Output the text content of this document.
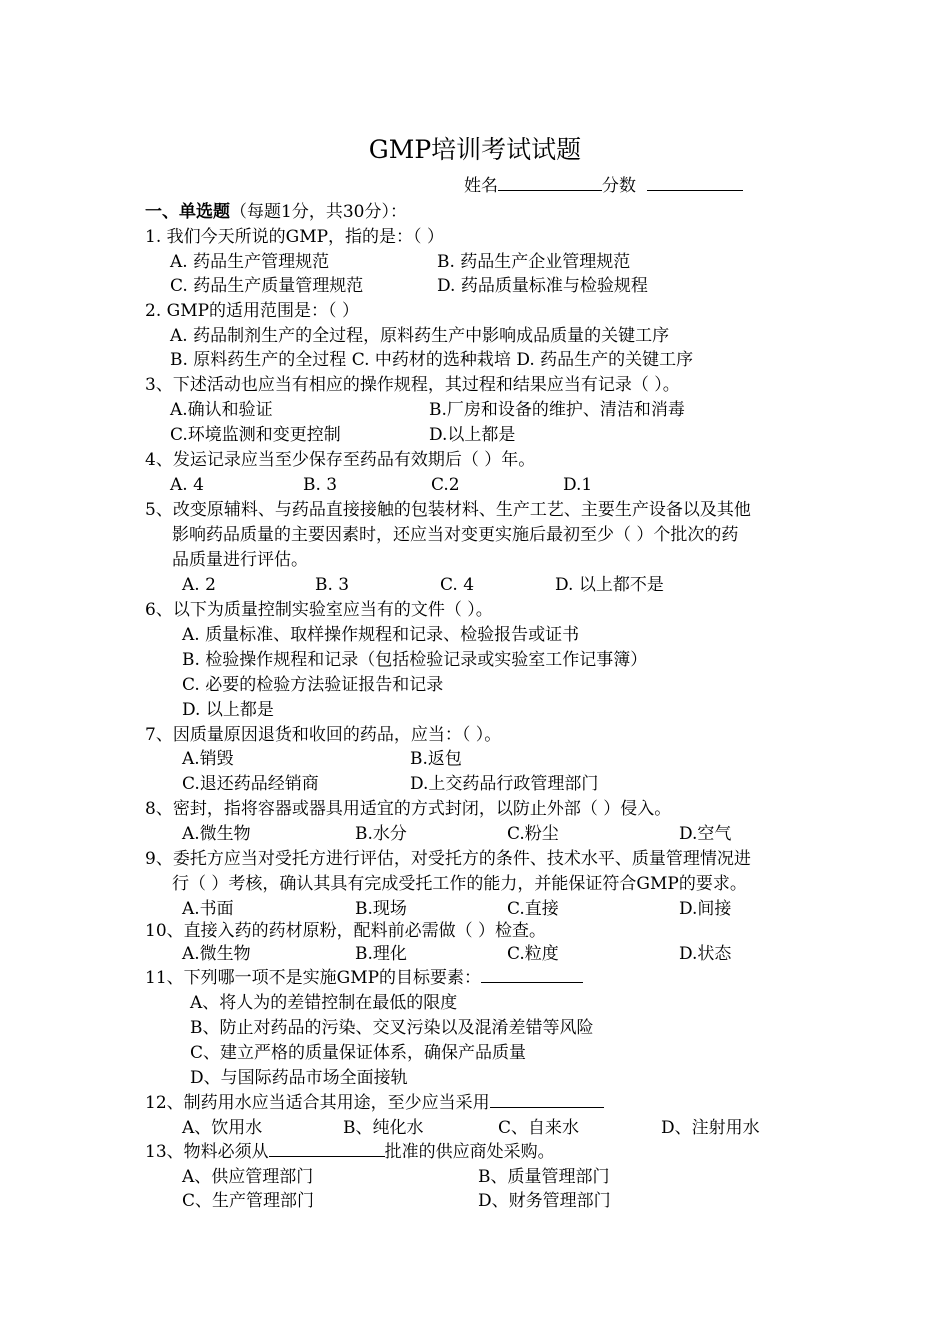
GMP培训考试试题
姓名	分数
一、单选题（每题1分，共30分）：
1. 我们今天所说的GMP，指的是：（ ）
A. 药品生产管理规范	B. 药品生产企业管理规范
C. 药品生产质量管理规范	D. 药品质量标准与检验规程
2. GMP的适用范围是：（ ）
A. 药品制剂生产的全过程，原料药生产中影响成品质量的关键工序
B. 原料药生产的全过程 C. 中药材的选种栽培 D. 药品生产的关键工序
3、下述活动也应当有相应的操作规程，其过程和结果应当有记录（ ）。
A.确认和验证	B.厂房和设备的维护、清洁和消毒
C.环境监测和变更控制	D.以上都是
4、发运记录应当至少保存至药品有效期后（ ）年。
A. 4	B. 3	C.2	D.1
5、改变原辅料、与药品直接接触的包装材料、生产工艺、主要生产设备以及其他
影响药品质量的主要因素时，还应当对变更实施后最初至少（ ）个批次的药
品质量进行评估。
A. 2	B. 3	C. 4	D. 以上都不是
6、以下为质量控制实验室应当有的文件（ ）。
A. 质量标准、取样操作规程和记录、检验报告或证书
B. 检验操作规程和记录（包括检验记录或实验室工作记事簿）
C. 必要的检验方法验证报告和记录
D. 以上都是
7、因质量原因退货和收回的药品，应当：（ ）。
A.销毁	B.返包
C.退还药品经销商	D.上交药品行政管理部门
8、密封，指将容器或器具用适宜的方式封闭，以防止外部（ ）侵入。
A.微生物	B.水分	C.粉尘	D.空气
9、委托方应当对受托方进行评估，对受托方的条件、技术水平、质量管理情况进
行（ ）考核，确认其具有完成受托工作的能力，并能保证符合GMP的要求。
A.书面	B.现场	C.直接	D.间接
10、直接入药的药材原粉，配料前必需做（ ）检查。
A.微生物	B.理化	C.粒度	D.状态
11、下列哪一项不是实施GMP的目标要素：
A、将人为的差错控制在最低的限度
B、防止对药品的污染、交叉污染以及混淆差错等风险
C、建立严格的质量保证体系，确保产品质量
D、与国际药品市场全面接轨
12、制药用水应当适合其用途，至少应当采用
A、饮用水	B、纯化水	C、自来水	D、注射用水
13、物料必须从	批准的供应商处采购。
A、供应管理部门	B、质量管理部门
C、生产管理部门	D、财务管理部门
